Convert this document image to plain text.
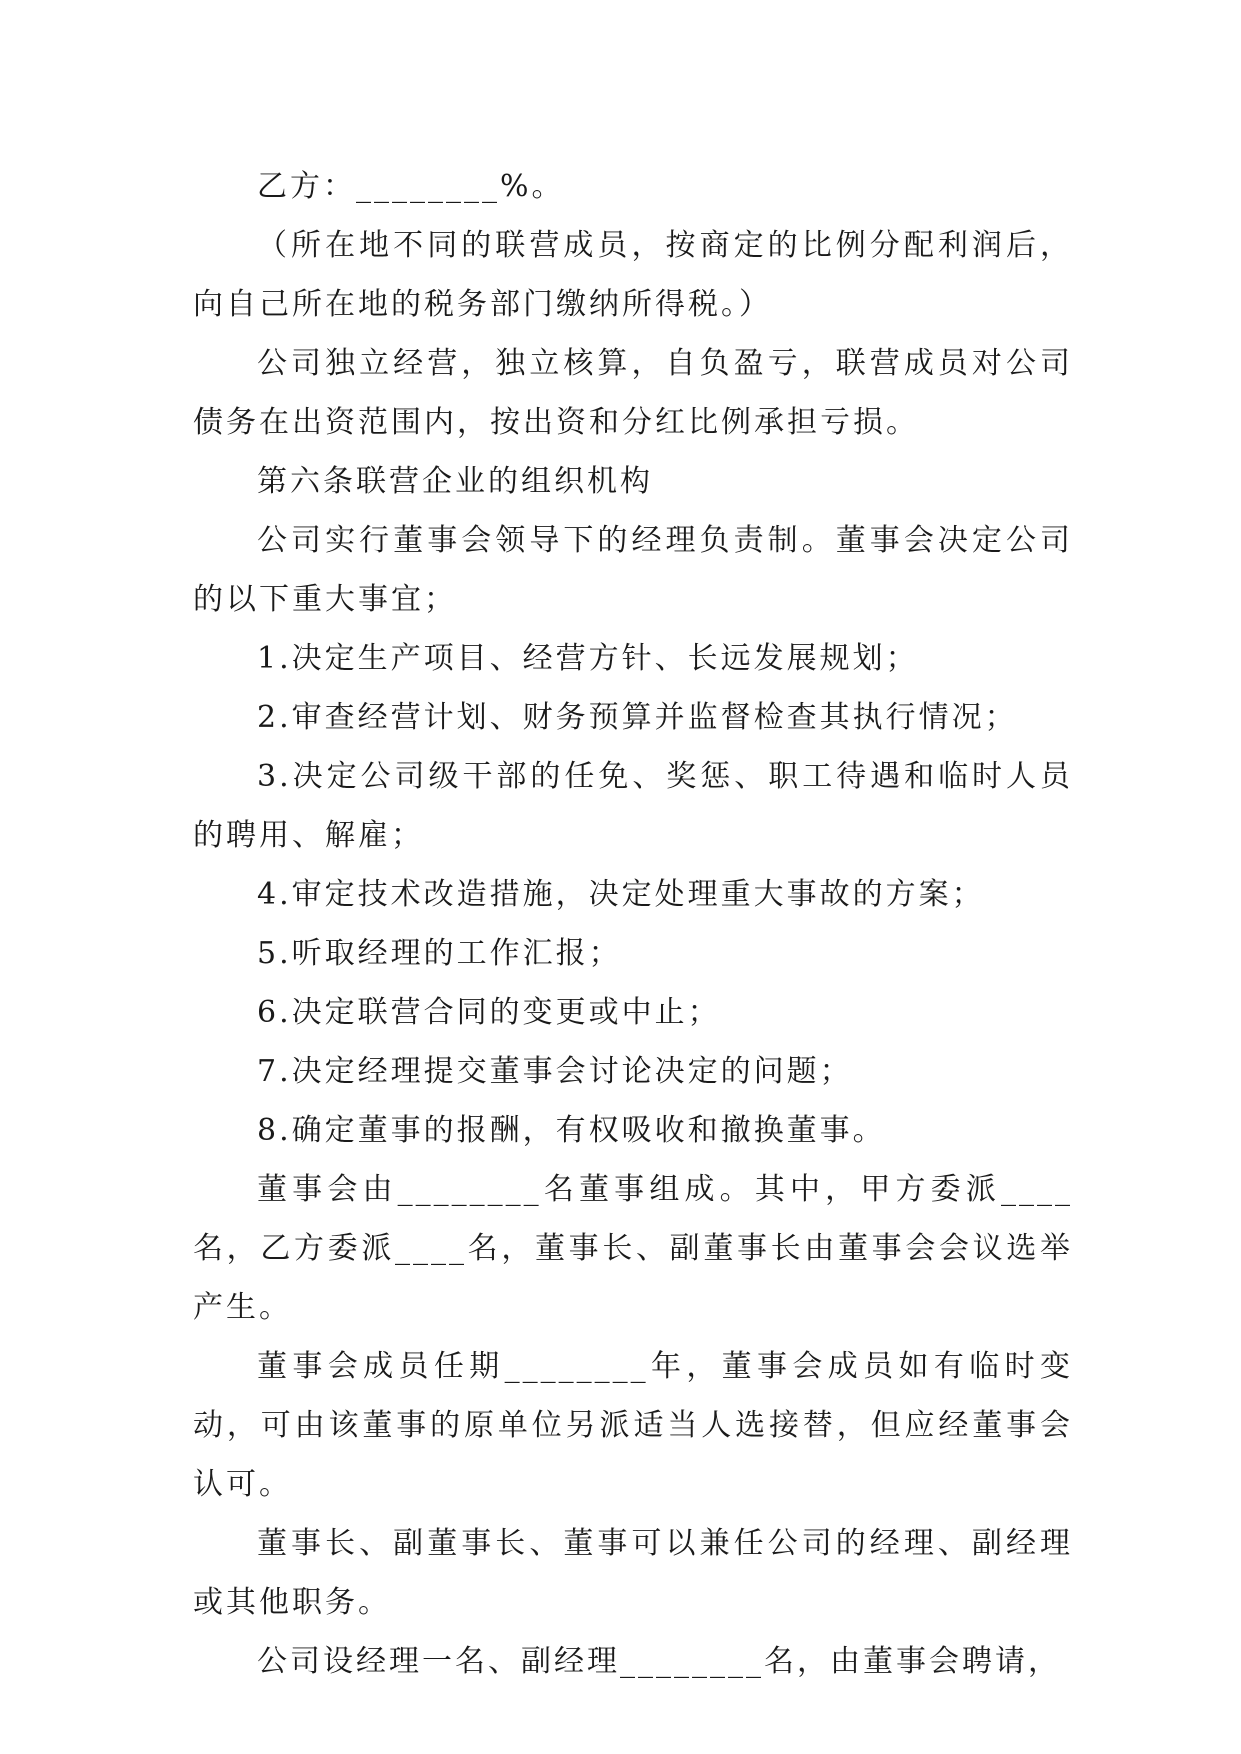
乙方：________%。

（所在地不同的联营成员，按商定的比例分配利润后，向自己所在地的税务部门缴纳所得税。）

公司独立经营，独立核算，自负盈亏，联营成员对公司债务在出资范围内，按出资和分红比例承担亏损。

第六条联营企业的组织机构

公司实行董事会领导下的经理负责制。董事会决定公司的以下重大事宜；

1.决定生产项目、经营方针、长远发展规划；

2.审查经营计划、财务预算并监督检查其执行情况；

3.决定公司级干部的任免、奖惩、职工待遇和临时人员的聘用、解雇；

4.审定技术改造措施，决定处理重大事故的方案；

5.听取经理的工作汇报；

6.决定联营合同的变更或中止；

7.决定经理提交董事会讨论决定的问题；

8.确定董事的报酬，有权吸收和撤换董事。

董事会由________名董事组成。其中，甲方委派____名，乙方委派____名，董事长、副董事长由董事会会议选举产生。

董事会成员任期________年，董事会成员如有临时变动，可由该董事的原单位另派适当人选接替，但应经董事会认可。

董事长、副董事长、董事可以兼任公司的经理、副经理或其他职务。

公司设经理一名、副经理________名，由董事会聘请，
